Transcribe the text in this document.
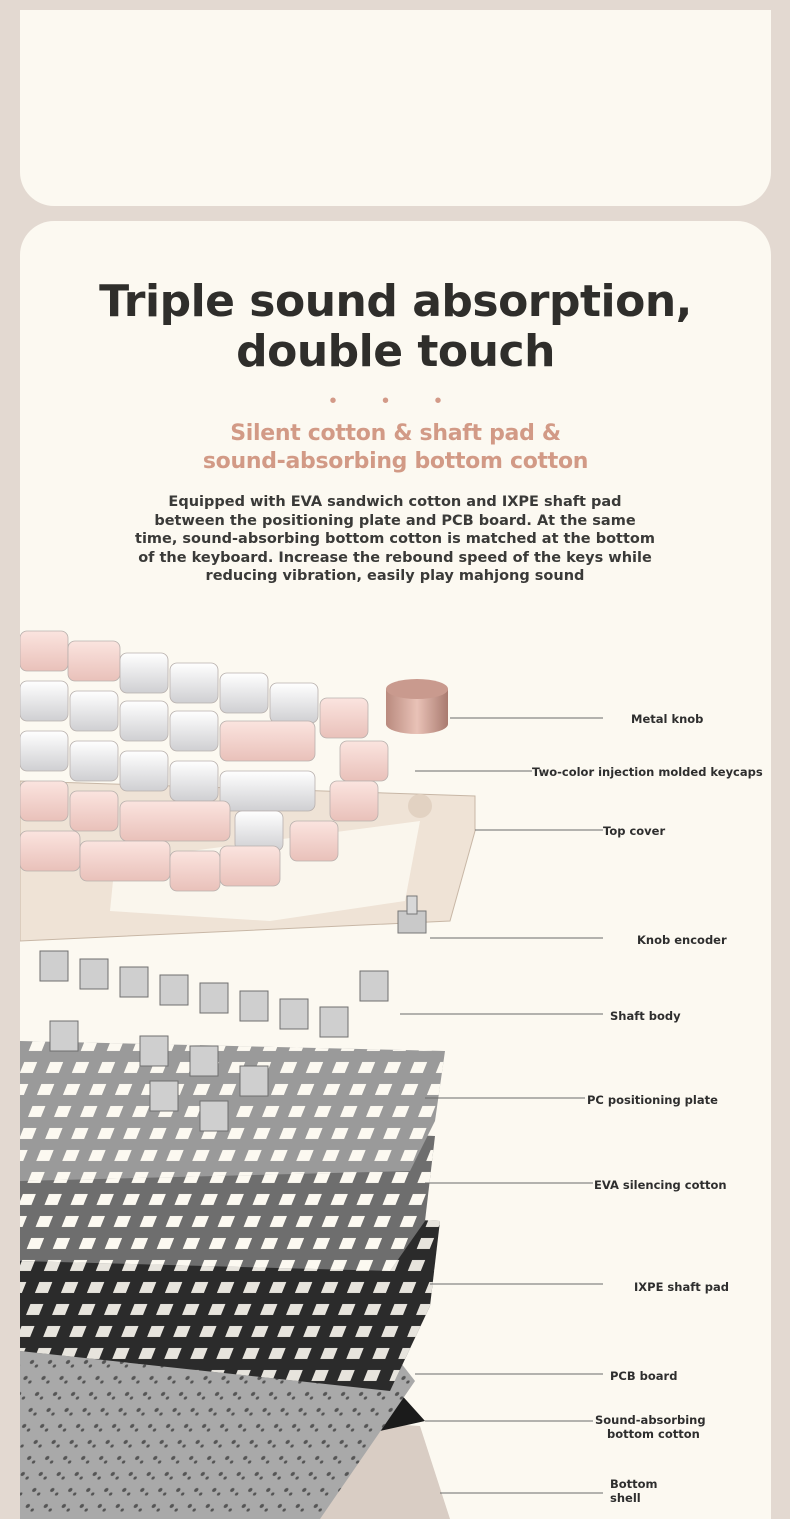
Triple sound absorption,
double touch
• • •
Silent cotton & shaft pad &
sound-absorbing bottom cotton

Equipped with EVA sandwich cotton and IXPE shaft pad between the positioning plate and PCB board. At the same time, sound-absorbing bottom cotton is matched at the bottom of the keyboard. Increase the rebound speed of the keys while reducing vibration, easily play mahjong sound

Metal knob
Two-color injection molded keycaps
Top cover
Knob encoder
Shaft body
PC positioning plate
EVA silencing cotton
IXPE shaft pad
PCB board
Sound-absorbing
bottom cotton
Bottom
shell
